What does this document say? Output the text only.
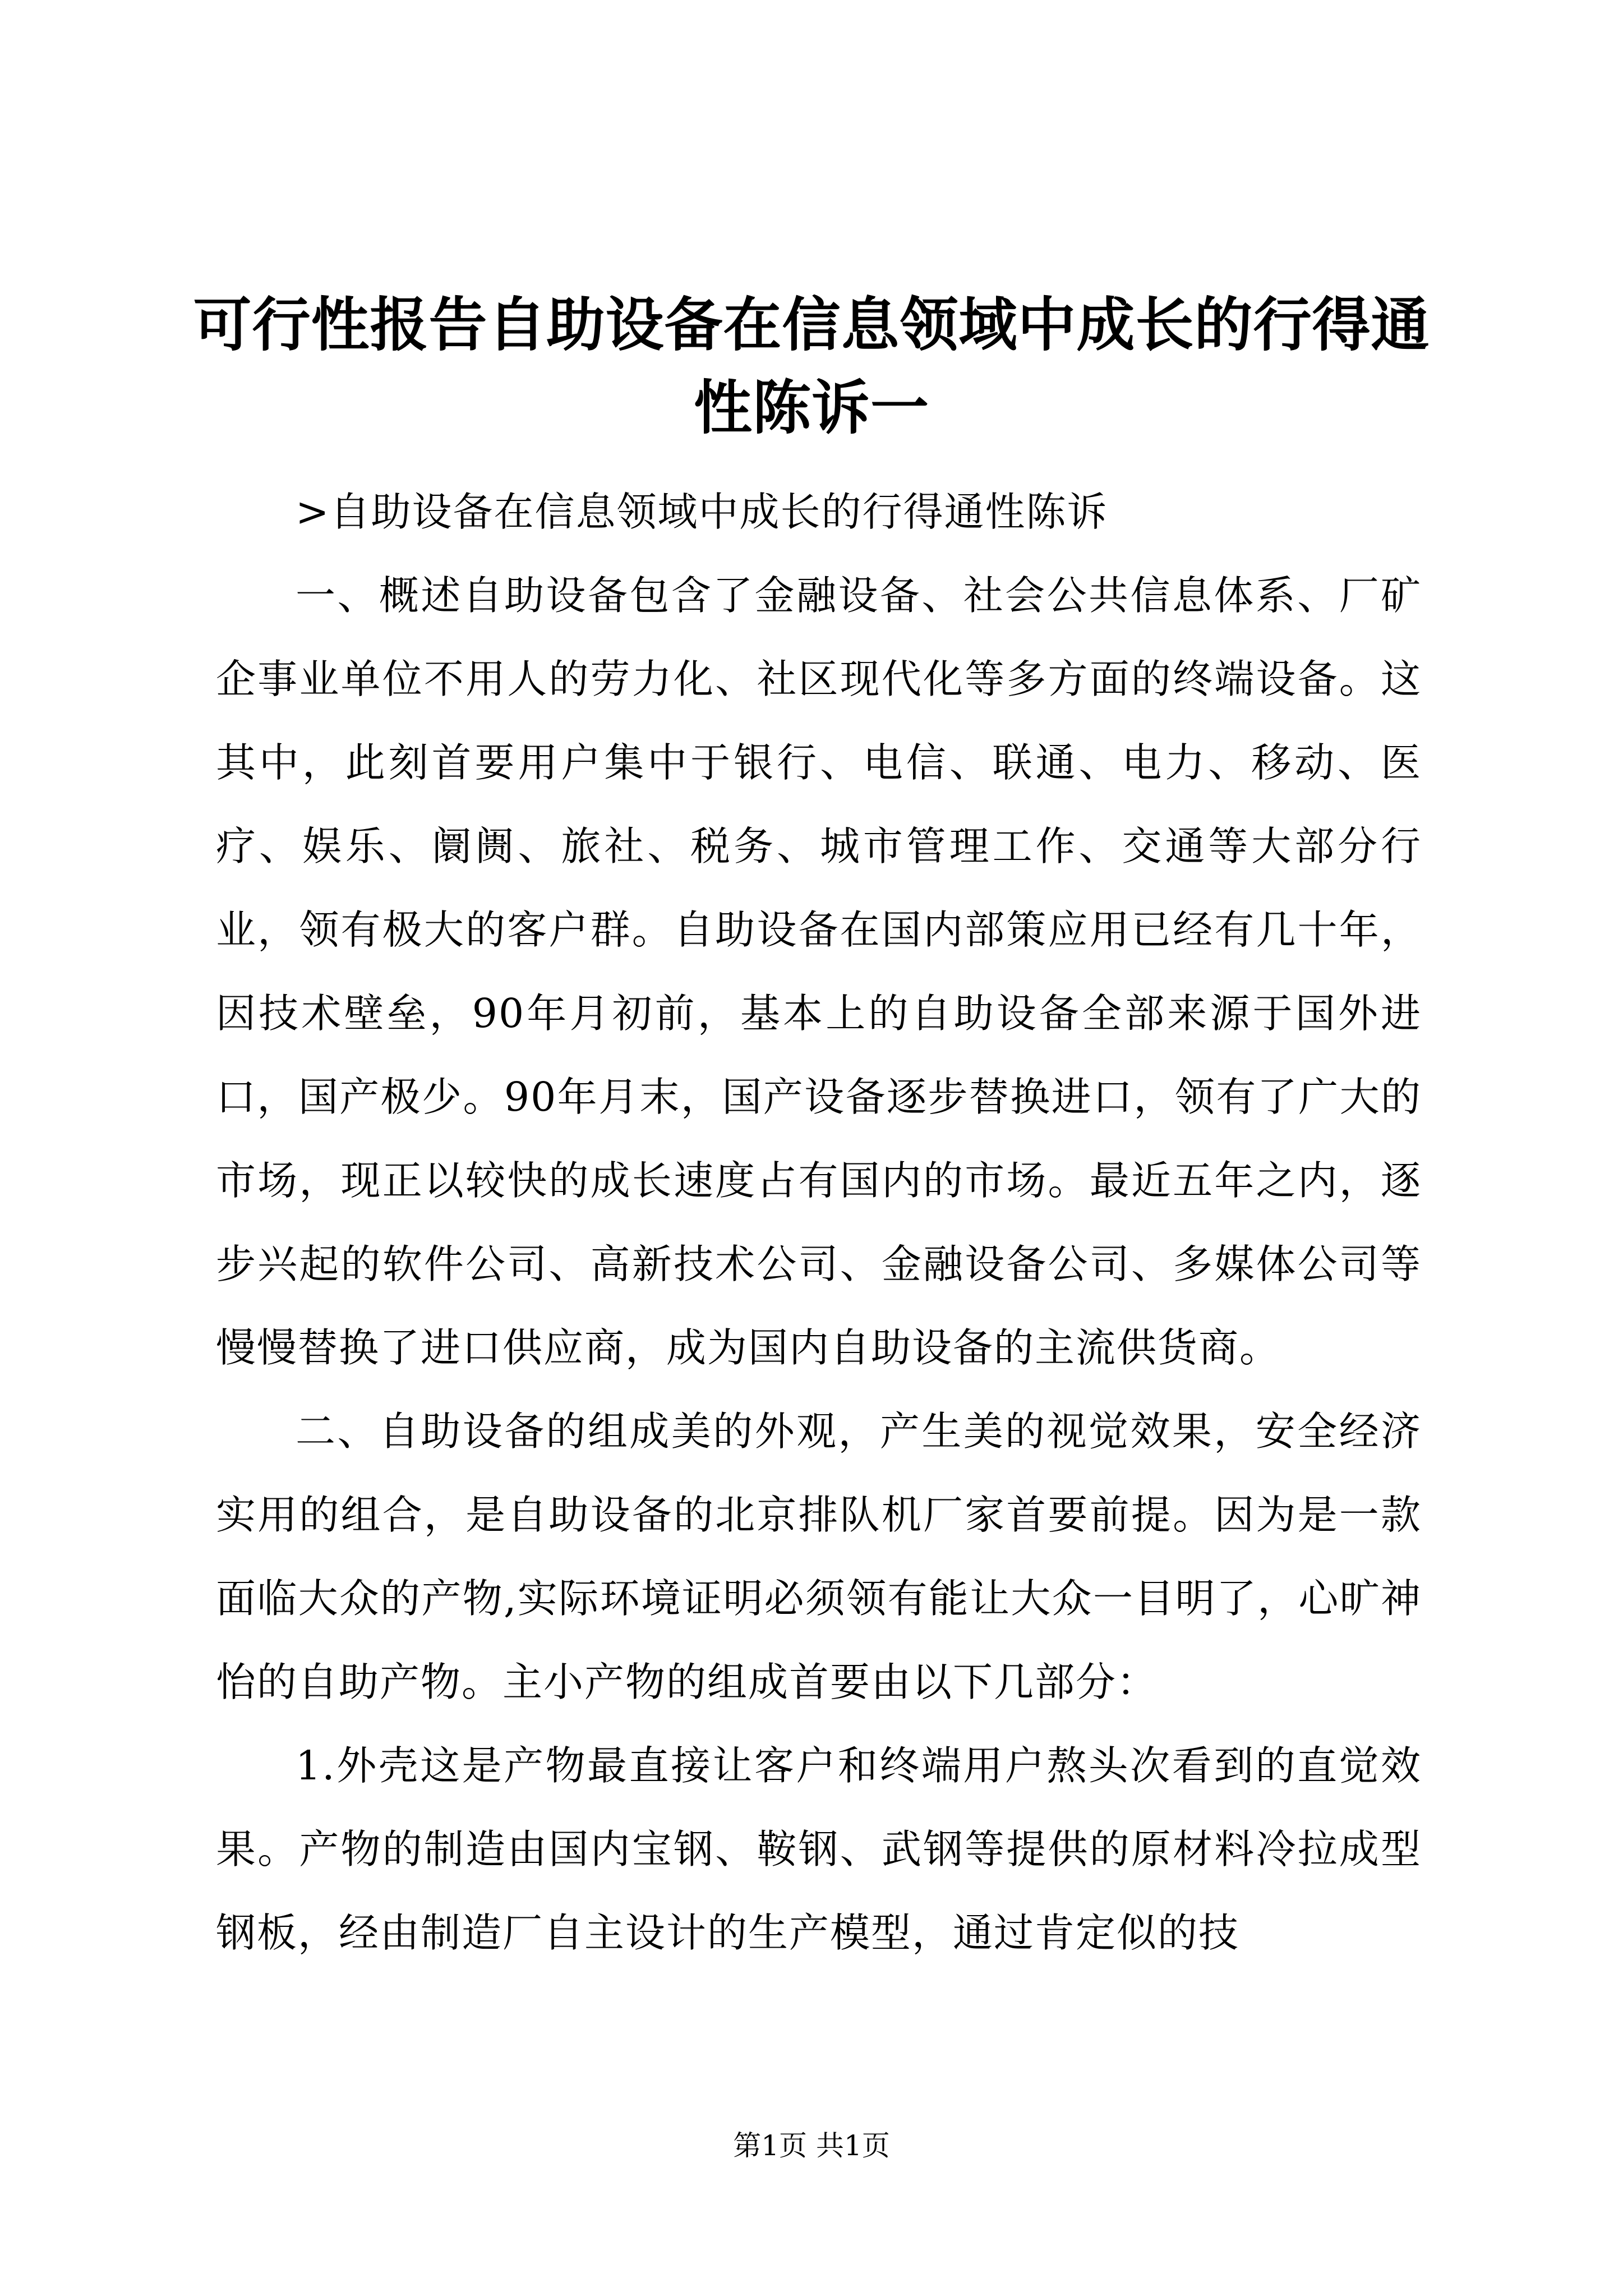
可行性报告自助设备在信息领域中成长的行得通性陈诉一

>自助设备在信息领域中成长的行得通性陈诉

一、概述自助设备包含了金融设备、社会公共信息体系、厂矿企事业单位不用人的劳力化、社区现代化等多方面的终端设备。这其中，此刻首要用户集中于银行、电信、联通、电力、移动、医疗、娱乐、阛阓、旅社、税务、城市管理工作、交通等大部分行业，领有极大的客户群。自助设备在国内部策应用已经有几十年，因技术壁垒，90年月初前，基本上的自助设备全部来源于国外进口，国产极少。90年月末，国产设备逐步替换进口，领有了广大的市场，现正以较快的成长速度占有国内的市场。最近五年之内，逐步兴起的软件公司、高新技术公司、金融设备公司、多媒体公司等慢慢替换了进口供应商，成为国内自助设备的主流供货商。

二、自助设备的组成美的外观，产生美的视觉效果，安全经济实用的组合，是自助设备的北京排队机厂家首要前提。因为是一款面临大众的产物,实际环境证明必须领有能让大众一目明了，心旷神怡的自助产物。主小产物的组成首要由以下几部分：

1.外壳这是产物最直接让客户和终端用户熬头次看到的直觉效果。产物的制造由国内宝钢、鞍钢、武钢等提供的原材料冷拉成型钢板，经由制造厂自主设计的生产模型，通过肯定似的技

第1页 共1页
